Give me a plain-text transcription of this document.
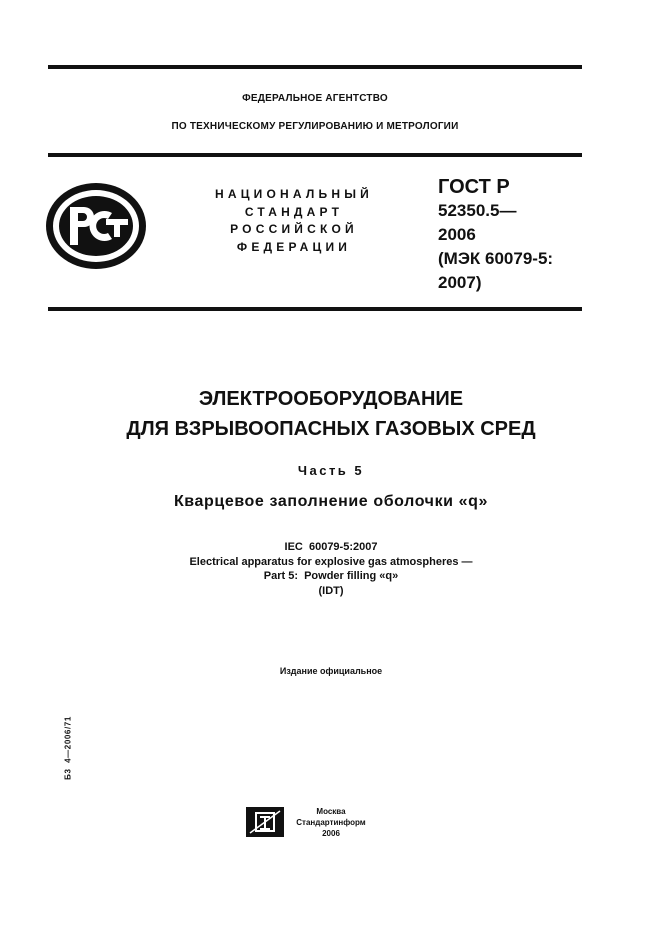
ФЕДЕРАЛЬНОЕ АГЕНТСТВО
ПО ТЕХНИЧЕСКОМУ РЕГУЛИРОВАНИЮ И МЕТРОЛОГИИ
НАЦИОНАЛЬНЫЙ
СТАНДАРТ
РОССИЙСКОЙ
ФЕДЕРАЦИИ
ГОСТ Р
52350.5—
2006
(МЭК 60079-5:
2007)
ЭЛЕКТРООБОРУДОВАНИЕ
ДЛЯ ВЗРЫВООПАСНЫХ ГАЗОВЫХ СРЕД
Часть 5
Кварцевое заполнение оболочки «q»
IEC  60079-5:2007
Electrical apparatus for explosive gas atmospheres —
Part 5:  Powder filling «q»
(IDT)
Издание официальное
Б3  4—2006/71
Москва
Стандартинформ
2006
